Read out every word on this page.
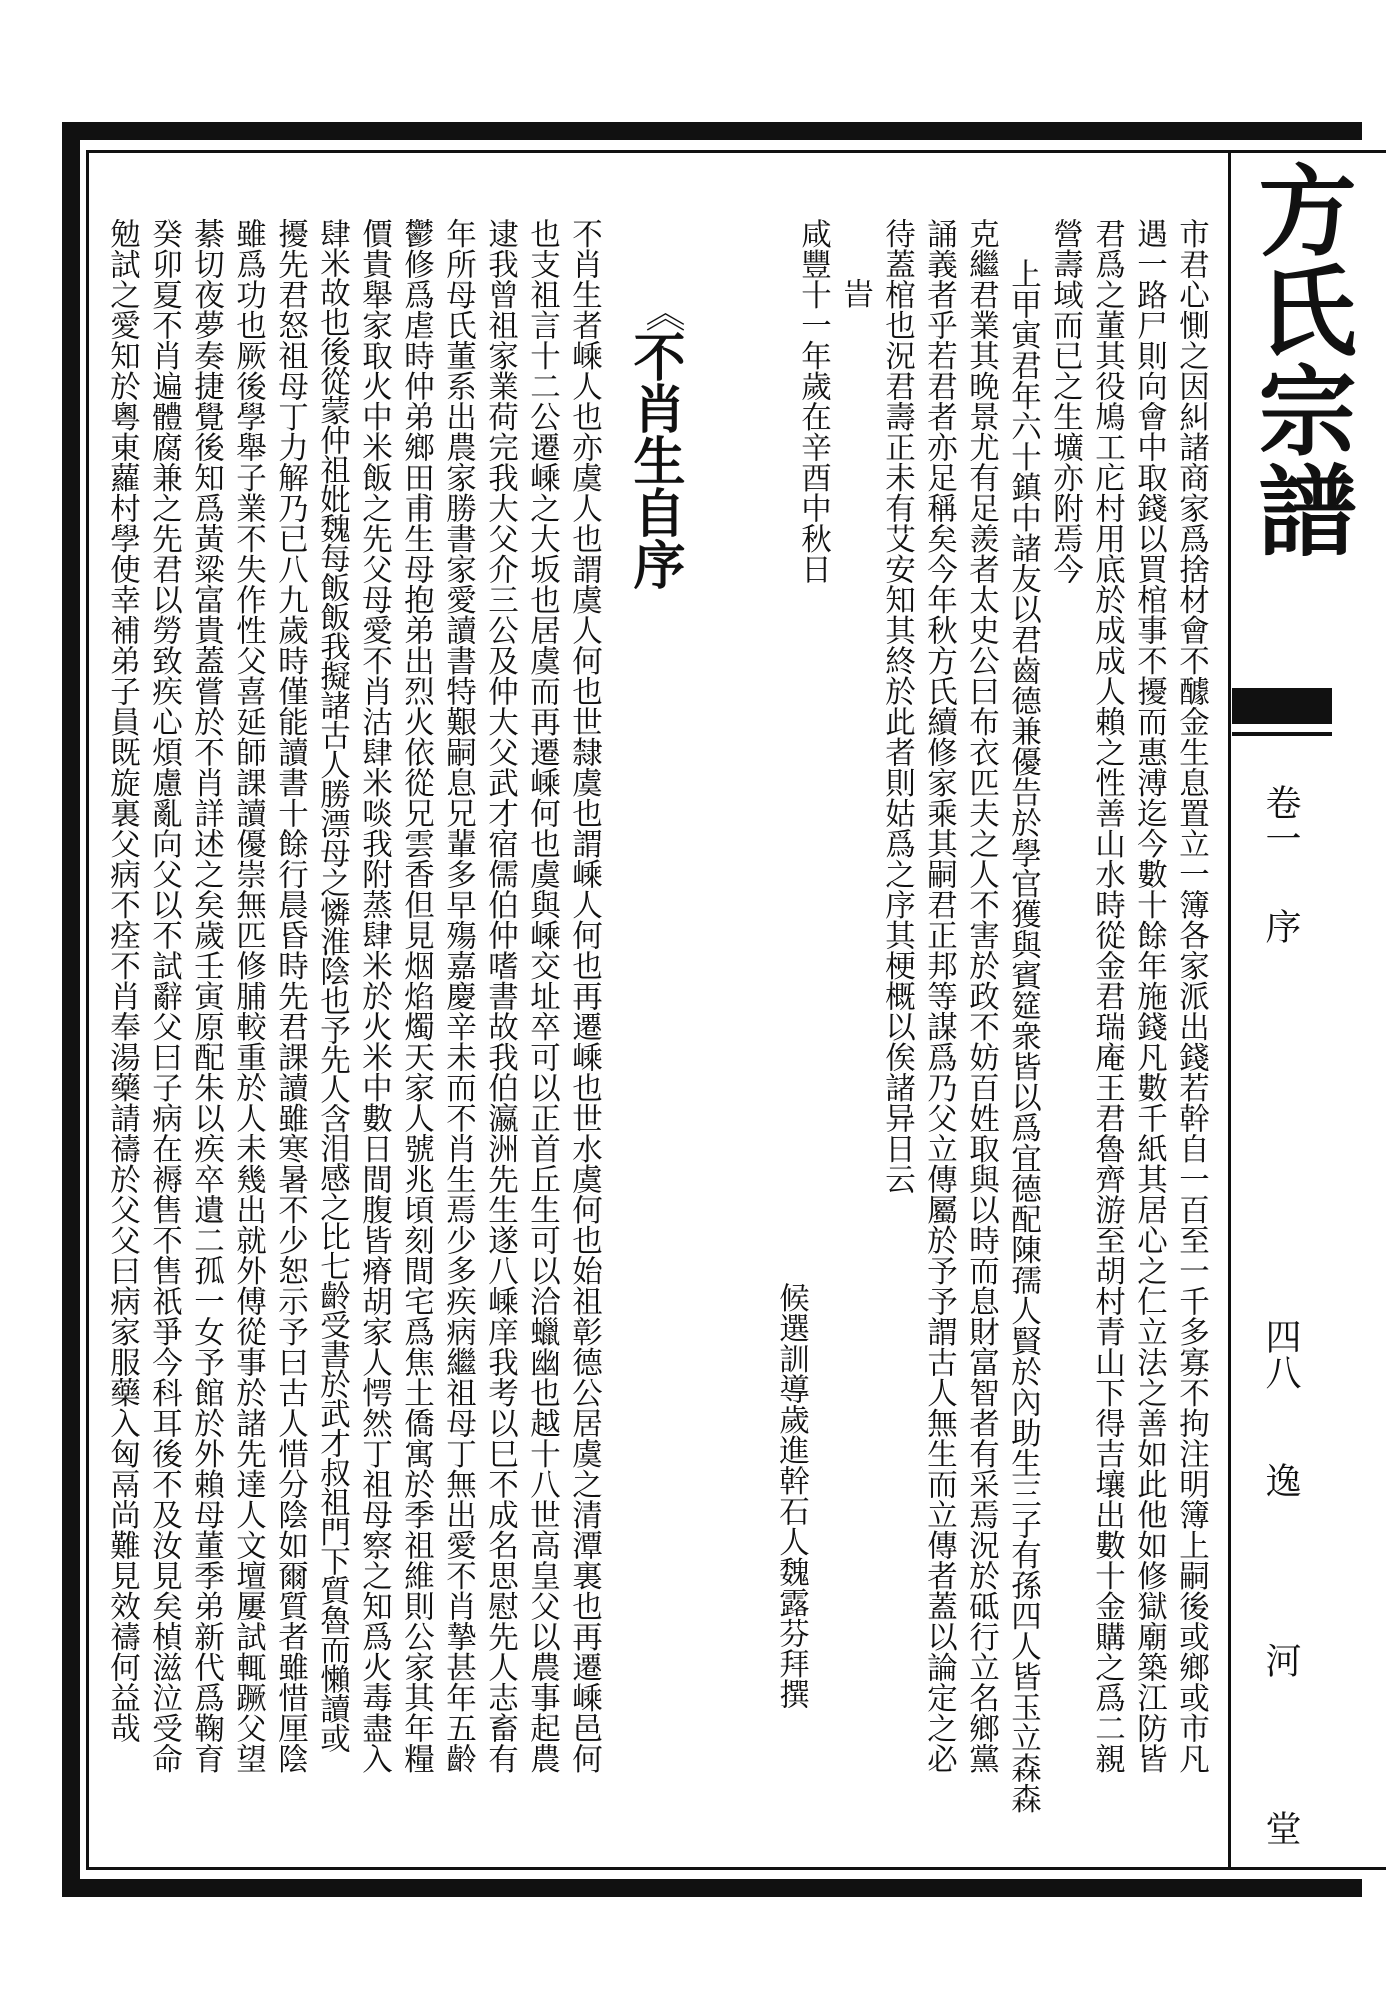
方氏宗譜
卷一
序
四八
逸
河
堂
市君心惻之因糾諸商家爲捨材會不醵金生息置立一簿各家派出錢若幹自一百至一千多寡不拘注明簿上嗣後或鄉或市凡
遇一路尸則向會中取錢以買棺事不擾而惠溥迄今數十餘年施錢凡數千紙其居心之仁立法之善如此他如修獄廟築江防皆
君爲之董其役鳩工庀村用底於成成人賴之性善山水時從金君瑞庵王君魯齊游至胡村青山下得吉壤出數十金購之爲二親
營壽域而已之生壙亦附焉今
上甲寅君年六十鎮中諸友以君齒德兼優告於學官獲與賓筵衆皆以爲宜德配陳孺人賢於內助生三子有孫四人皆玉立森森
克繼君業其晚景尤有足羨者太史公曰布衣匹夫之人不害於政不妨百姓取與以時而息財富智者有采焉況於砥行立名鄉黨
誦義者乎若君者亦足稱矣今年秋方氏續修家乘其嗣君正邦等謀爲乃父立傳屬於予予謂古人無生而立傳者蓋以論定之必
待蓋棺也況君壽正未有艾安知其終於此者則姑爲之序其梗概以俟諸异日云
旹
咸豐十一年歲在辛酉中秋日
候選訓導歲進幹石人魏露芬拜撰
《
不肖生自序
不肖生者嵊人也亦虞人也謂虞人何也世隸虞也謂嵊人何也再遷嵊也世水虞何也始祖彰德公居虞之清潭裏也再遷嵊邑何
也支祖言十二公遷嵊之大坂也居虞而再遷嵊何也虞與嵊交址卒可以正首丘生可以洽蠟幽也越十八世高皇父以農事起農
逮我曾祖家業荷完我大父介三公及仲大父武才宿儒伯仲嗜書故我伯瀛洲先生遂八嵊庠我考以巳不成名思慰先人志畜有
年所母氏董系出農家勝書家愛讀書特艱嗣息兄輩多早殤嘉慶辛未而不肖生焉少多疾病繼祖母丁無出愛不肖摯甚年五齡
鬱修爲虐時仲弟鄉田甫生母抱弟出烈火依從兄雲香但見烟焰燭天家人號兆頃刻間宅爲焦土僑寓於季祖維則公家其年糧
價貴舉家取火中米飯之先父母愛不肖沽肆米啖我附蒸肆米於火米中數日間腹皆瘠胡家人愕然丁祖母察之知爲火毒盡入
肆米故也後從蒙仲祖妣魏每飯飯我擬諸古人勝漂母之憐淮陰也予先人含泪感之比七齡受書於武才叔祖門下質魯而懶讀或
擾先君怒祖母丁力解乃已八九歲時僅能讀書十餘行晨昏時先君課讀雖寒暑不少恕示予曰古人惜分陰如爾質者雖惜厘陰
雖爲功也厥後學舉子業不失作性父喜延師課讀優崇無匹修脯較重於人未幾出就外傅從事於諸先達人文壇屢試輒蹶父望
綦切夜夢奏捷覺後知爲黃粱富貴蓋嘗於不肖詳述之矣歲壬寅原配朱以疾卒遺二孤一女予館於外賴母董季弟新代爲鞠育
癸卯夏不肖遍體腐兼之先君以勞致疾心煩慮亂向父以不試辭父曰子病在褥售不售祇爭今科耳後不及汝見矣楨滋泣受命
勉試之愛知於粵東蘿村學使幸補弟子員既旋裏父病不痊不肖奉湯藥請禱於父父曰病家服藥入匈鬲尚難見效禱何益哉
